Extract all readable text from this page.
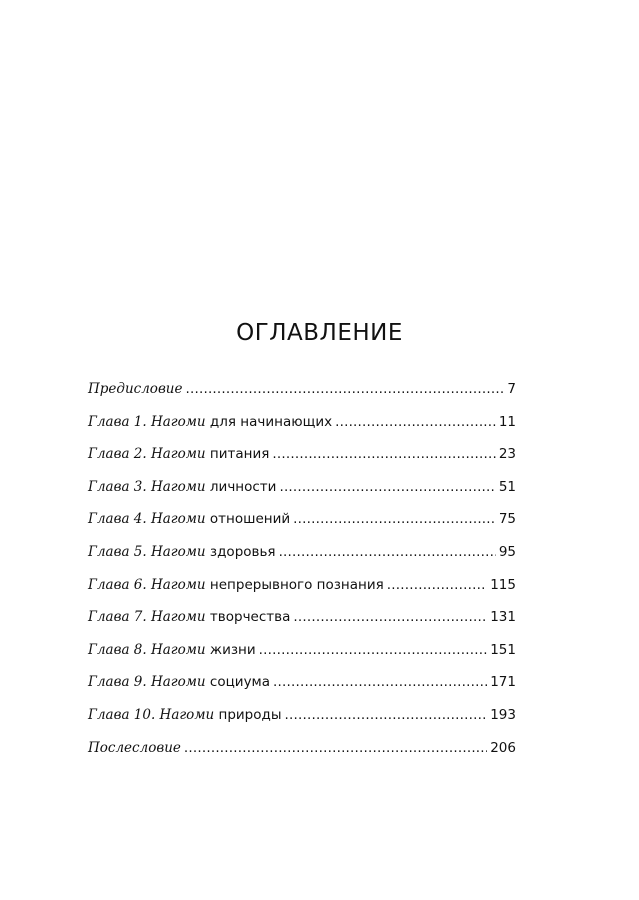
ОГЛАВЛЕНИЕ
Предисловие .....	7
Глава 1. Нагоми для начинающих .....	11
Глава 2. Нагоми питания .....	23
Глава 3. Нагоми личности .....	51
Глава 4. Нагоми отношений .....	75
Глава 5. Нагоми здоровья .....	95
Глава 6. Нагоми непрерывного познания .....	115
Глава 7. Нагоми творчества .....	131
Глава 8. Нагоми жизни .....	151
Глава 9. Нагоми социума .....	171
Глава 10. Нагоми природы .....	193
Послесловие .....	206
